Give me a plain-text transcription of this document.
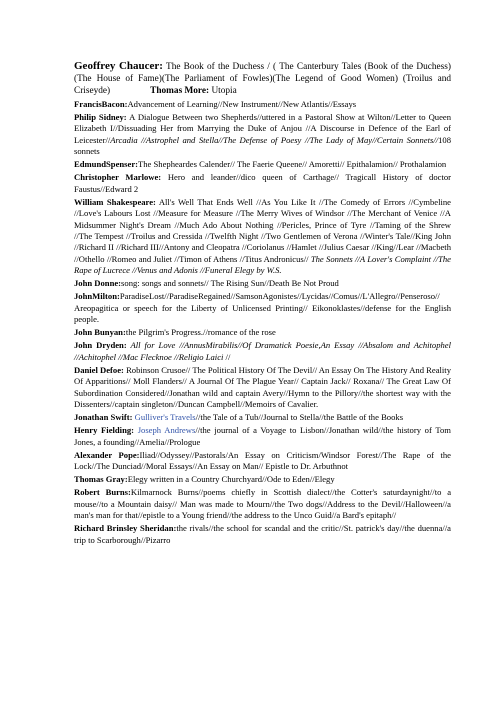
Geoffrey Chaucer: The Book of the Duchess / ( The Canterbury Tales (Book of the Duchess)(The House of Fame)(The Parliament of Fowles)(The Legend of Good Women) (Troilus and Criseyde)	Thomas More: Utopia

FrancisBacon:Advancement of Learning//New Instrument//New Atlantis//Essays

Philip Sidney: A Dialogue Between two Shepherds//uttered in a Pastoral Show at Wilton//Letter to Queen Elizabeth I//Dissuading Her from Marrying the Duke of Anjou //A Discourse in Defence of the Earl of Leicester//Arcadia //Astrophel and Stella//The Defense of Poesy //The Lady of May//Certain Sonnets//108 sonnets

EdmundSpenser:The Shepheardes Calender// The Faerie Queene// Amoretti// Epithalamion// Prothalamion

Christopher Marlowe: Hero and leander//dico queen of Carthage// Tragicall History of doctor Faustus//Edward 2

William Shakespeare: All's Well That Ends Well //As You Like It //The Comedy of Errors //Cymbeline //Love's Labours Lost //Measure for Measure //The Merry Wives of Windsor //The Merchant of Venice //A Midsummer Night's Dream //Much Ado About Nothing //Pericles, Prince of Tyre //Taming of the Shrew //The Tempest //Troilus and Cressida //Twelfth Night //Two Gentlemen of Verona //Winter's Tale//King John //Richard II //Richard III//Antony and Cleopatra //Coriolanus //Hamlet //Julius Caesar //King//Lear //Macbeth //Othello //Romeo and Juliet //Timon of Athens //Titus Andronicus// The Sonnets //A Lover's Complaint //The Rape of Lucrece //Venus and Adonis //Funeral Elegy by W.S.

John Donne:song: songs and sonnets// The Rising Sun//Death Be Not Proud

JohnMilton:ParadiseLost//ParadiseRegained//SamsonAgonistes//Lycidas//Comus//L'Allegro//Penseroso// Areopagitica or speech for the Liberty of Unlicensed Printing// Eikonoklastes//defense for the English people.

John Bunyan:the Pilgrim's Progress.//romance of the rose

John Dryden: All for Love //AnnusMirabilis//Of Dramatick Poesie,An Essay //Absalom and Achitophel //Achitophel //Mac Flecknoe //Religio Laici //

Daniel Defoe: Robinson Crusoe// The Political History Of The Devil// An Essay On The History And Reality Of Apparitions// Moll Flanders// A Journal Of The Plague Year// Captain Jack// Roxana// The Great Law Of Subordination Considered//Jonathan wild and captain Avery//Hymn to the Pillory//the shortest way with the Dissenters//captain singleton//Duncan Campbell//Memoirs of Cavalier.

Jonathan Swift: Gulliver's Travels//the Tale of a Tub//Journal to Stella//the Battle of the Books

Henry Fielding: Joseph Andrews//the journal of a Voyage to Lisbon//Jonathan wild//the history of Tom Jones, a founding//Amelia//Prologue

Alexander Pope:Iliad//Odyssey//Pastorals/An Essay on Criticism/Windsor Forest//The Rape of the Lock//The Dunciad//Moral Essays//An Essay on Man// Epistle to Dr. Arbuthnot

Thomas Gray:Elegy written in a Country Churchyard//Ode to Eden//Elegy

Robert Burns:Kilmarnock Burns//poems chiefly in Scottish dialect//the Cotter's saturdaynight//to a mouse//to a Mountain daisy// Man was made to Mourn//the Two dogs//Address to the Devil//Halloween//a man's man for that//epistle to a Young friend//the address to the Unco Guid//a Bard's epitaph//

Richard Brinsley Sheridan:the rivals//the school for scandal and the critic//St. patrick's day//the duenna//a trip to Scarborough//Pizarro
